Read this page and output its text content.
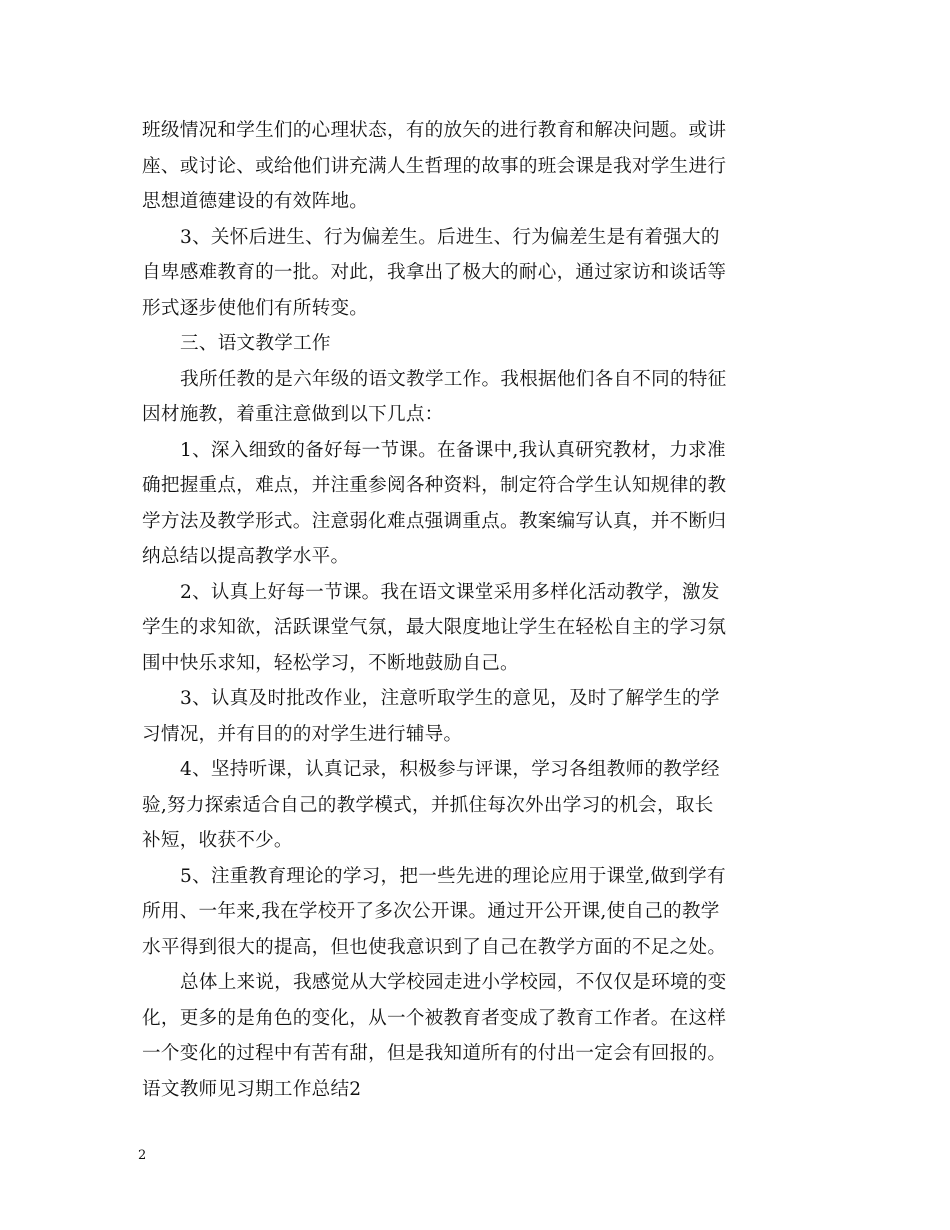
班级情况和学生们的心理状态，有的放矢的进行教育和解决问题。或讲
座、或讨论、或给他们讲充满人生哲理的故事的班会课是我对学生进行
思想道德建设的有效阵地。
3、关怀后进生、行为偏差生。后进生、行为偏差生是有着强大的
自卑感难教育的一批。对此，我拿出了极大的耐心，通过家访和谈话等
形式逐步使他们有所转变。
三、语文教学工作
我所任教的是六年级的语文教学工作。我根据他们各自不同的特征
因材施教，着重注意做到以下几点：
1、深入细致的备好每一节课。在备课中,我认真研究教材，力求准
确把握重点，难点，并注重参阅各种资料，制定符合学生认知规律的教
学方法及教学形式。注意弱化难点强调重点。教案编写认真，并不断归
纳总结以提高教学水平。
2、认真上好每一节课。我在语文课堂采用多样化活动教学，激发
学生的求知欲，活跃课堂气氛，最大限度地让学生在轻松自主的学习氛
围中快乐求知，轻松学习，不断地鼓励自己。
3、认真及时批改作业，注意听取学生的意见，及时了解学生的学
习情况，并有目的的对学生进行辅导。
4、坚持听课，认真记录，积极参与评课，学习各组教师的教学经
验,努力探索适合自己的教学模式，并抓住每次外出学习的机会，取长
补短，收获不少。
5、注重教育理论的学习，把一些先进的理论应用于课堂,做到学有
所用、一年来,我在学校开了多次公开课。通过开公开课,使自己的教学
水平得到很大的提高，但也使我意识到了自己在教学方面的不足之处。
总体上来说，我感觉从大学校园走进小学校园，不仅仅是环境的变
化，更多的是角色的变化，从一个被教育者变成了教育工作者。在这样
一个变化的过程中有苦有甜，但是我知道所有的付出一定会有回报的。
语文教师见习期工作总结2
2
